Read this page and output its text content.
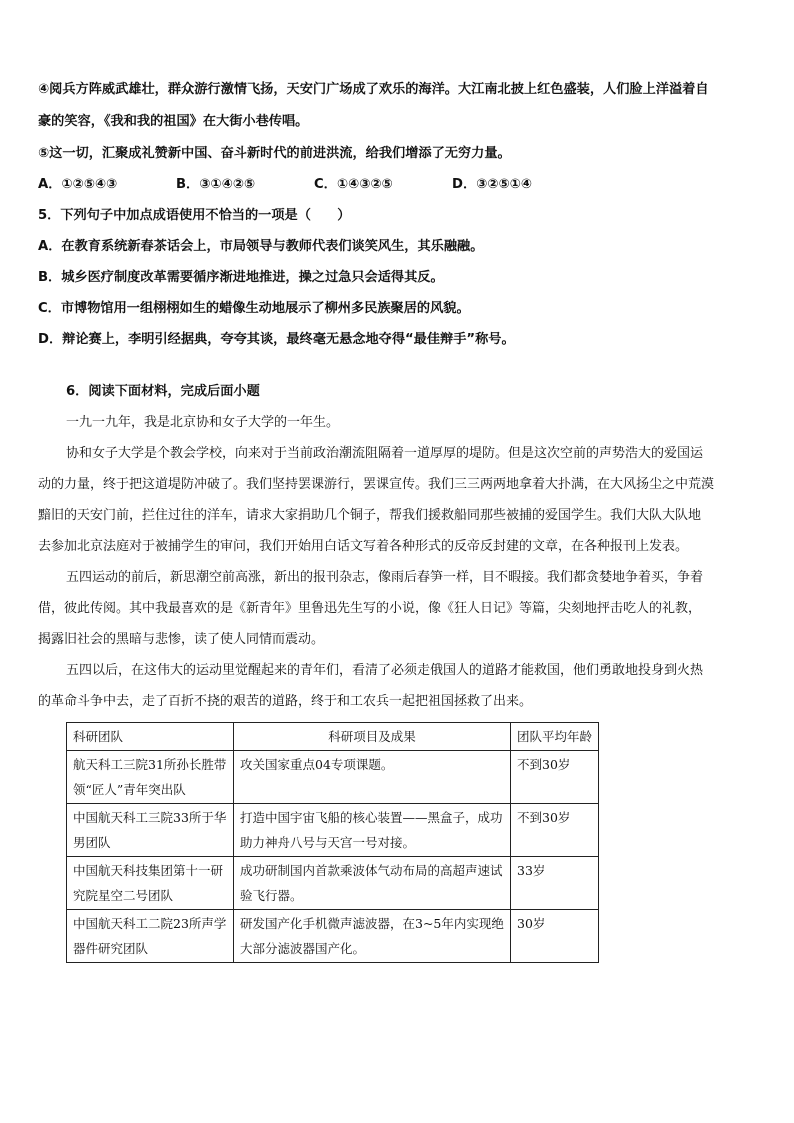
④阅兵方阵威武雄壮，群众游行激情飞扬，天安门广场成了欢乐的海洋。大江南北披上红色盛装，人们脸上洋溢着自
豪的笑容，《我和我的祖国》在大街小巷传唱。
⑤这一切，汇聚成礼赞新中国、奋斗新时代的前进洪流，给我们增添了无穷力量。
A．①②⑤④③	B．③①④②⑤	C．①④③②⑤	D．③②⑤①④
5．下列句子中加点成语使用不恰当的一项是（　　）
A．在教育系统新春茶话会上，市局领导与教师代表们谈笑风生，其乐融融。
B．城乡医疗制度改革需要循序渐进地推进，操之过急只会适得其反。
C．市博物馆用一组栩栩如生的蜡像生动地展示了柳州多民族聚居的风貌。
D．辩论赛上，李明引经据典，夸夸其谈，最终毫无悬念地夺得“最佳辩手”称号。
6．阅读下面材料，完成后面小题
一九一九年，我是北京协和女子大学的一年生。
协和女子大学是个教会学校，向来对于当前政治潮流阻隔着一道厚厚的堤防。但是这次空前的声势浩大的爱国运
动的力量，终于把这道堤防冲破了。我们坚持罢课游行，罢课宣传。我们三三两两地拿着大扑满，在大风扬尘之中荒漠
黯旧的天安门前，拦住过往的洋车，请求大家捐助几个铜子，帮我们援救船同那些被捕的爱国学生。我们大队大队地
去参加北京法庭对于被捕学生的审问，我们开始用白话文写着各种形式的反帝反封建的文章，在各种报刊上发表。
五四运动的前后，新思潮空前高涨，新出的报刊杂志，像雨后春笋一样，目不暇接。我们都贪婪地争着买，争着
借，彼此传阅。其中我最喜欢的是《新青年》里鲁迅先生写的小说，像《狂人日记》等篇，尖刻地抨击吃人的礼教，
揭露旧社会的黑暗与悲惨，读了使人同情而震动。
五四以后，在这伟大的运动里觉醒起来的青年们，看清了必须走俄国人的道路才能救国，他们勇敢地投身到火热
的革命斗争中去，走了百折不挠的艰苦的道路，终于和工农兵一起把祖国拯救了出来。
科研团队	科研项目及成果	团队平均年龄
航天科工三院31所孙长胜带领“匠人”青年突出队	攻关国家重点04专项课题。	不到30岁
中国航天科工三院33所于华男团队	打造中国宇宙飞船的核心装置——黑盒子，成功助力神舟八号与天宫一号对接。	不到30岁
中国航天科技集团第十一研究院星空二号团队	成功研制国内首款乘波体气动布局的高超声速试验飞行器。	33岁
中国航天科工二院23所声学器件研究团队	研发国产化手机微声滤波器，在3~5年内实现绝大部分滤波器国产化。	30岁
